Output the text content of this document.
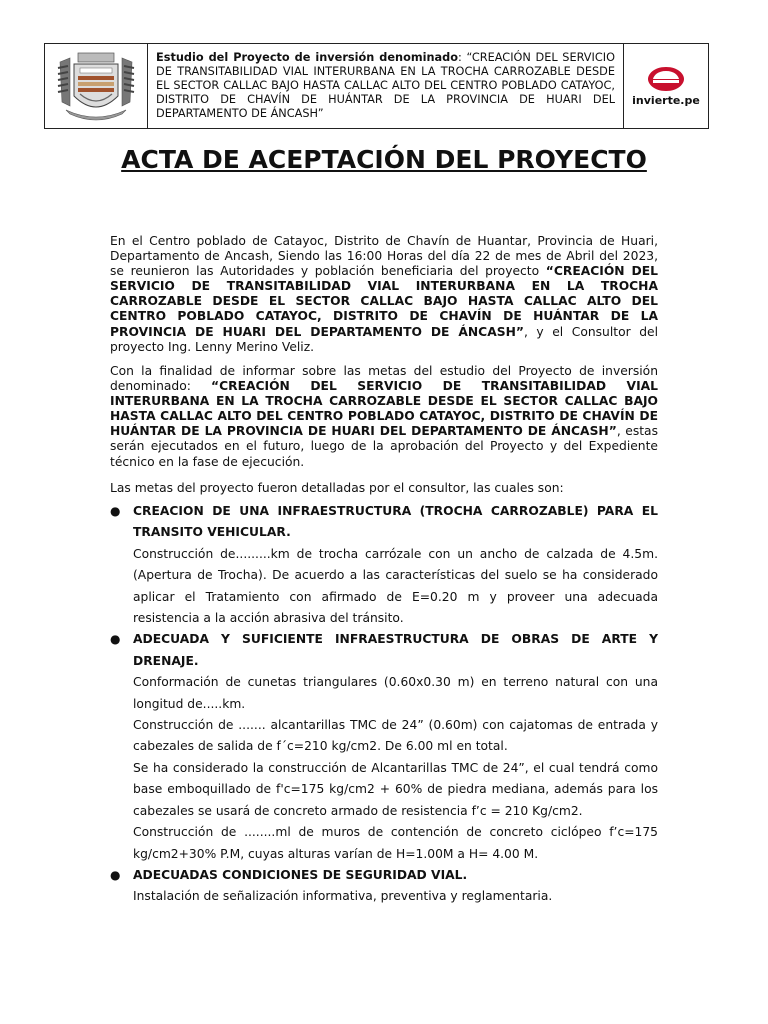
Estudio del Proyecto de inversión denominado: “CREACIÓN DEL SERVICIO DE TRANSITABILIDAD VIAL INTERURBANA EN LA TROCHA CARROZABLE DESDE EL SECTOR CALLAC BAJO HASTA CALLAC ALTO DEL CENTRO POBLADO CATAYOC, DISTRITO DE CHAVÍN DE HUÁNTAR DE LA PROVINCIA DE HUARI DEL DEPARTAMENTO DE ÁNCASH”
invierte.pe
ACTA DE ACEPTACIÓN DEL PROYECTO
En el Centro poblado de Catayoc, Distrito de Chavín de Huantar, Provincia de Huari, Departamento de Ancash, Siendo las 16:00 Horas del día 22 de mes de Abril del 2023, se reunieron las Autoridades y población beneficiaria del proyecto “CREACIÓN DEL SERVICIO DE TRANSITABILIDAD VIAL INTERURBANA EN LA TROCHA CARROZABLE DESDE EL SECTOR CALLAC BAJO HASTA CALLAC ALTO DEL CENTRO POBLADO CATAYOC, DISTRITO DE CHAVÍN DE HUÁNTAR DE LA PROVINCIA DE HUARI DEL DEPARTAMENTO DE ÁNCASH”, y el Consultor del proyecto Ing. Lenny Merino Veliz.
Con la finalidad de informar sobre las metas del estudio del Proyecto de inversión denominado: “CREACIÓN DEL SERVICIO DE TRANSITABILIDAD VIAL INTERURBANA EN LA TROCHA CARROZABLE DESDE EL SECTOR CALLAC BAJO HASTA CALLAC ALTO DEL CENTRO POBLADO CATAYOC, DISTRITO DE CHAVÍN DE HUÁNTAR DE LA PROVINCIA DE HUARI DEL DEPARTAMENTO DE ÁNCASH”, estas serán ejecutados en el futuro, luego de la aprobación del Proyecto y del Expediente técnico en la fase de ejecución.
Las metas del proyecto fueron detalladas por el consultor, las cuales son:
● CREACION DE UNA INFRAESTRUCTURA (TROCHA CARROZABLE) PARA EL TRANSITO VEHICULAR.
Construcción de.........km de trocha carrózale con un ancho de calzada de 4.5m. (Apertura de Trocha). De acuerdo a las características del suelo se ha considerado aplicar el Tratamiento con afirmado de E=0.20 m y proveer una adecuada resistencia a la acción abrasiva del tránsito.
● ADECUADA Y SUFICIENTE INFRAESTRUCTURA DE OBRAS DE ARTE Y DRENAJE.
Conformación de cunetas triangulares (0.60x0.30 m) en terreno natural con una longitud de.....km.
Construcción de ....... alcantarillas TMC de 24” (0.60m) con cajatomas de entrada y cabezales de salida de f´c=210 kg/cm2. De 6.00 ml en total.
Se ha considerado la construcción de Alcantarillas TMC de 24”, el cual tendrá como base emboquillado de f'c=175 kg/cm2 + 60% de piedra mediana, además para los cabezales se usará de concreto armado de resistencia f’c = 210 Kg/cm2.
Construcción de ........ml de muros de contención de concreto ciclópeo f’c=175 kg/cm2+30% P.M, cuyas alturas varían de H=1.00M a H= 4.00 M.
● ADECUADAS CONDICIONES DE SEGURIDAD VIAL.
Instalación de señalización informativa, preventiva y reglamentaria.
